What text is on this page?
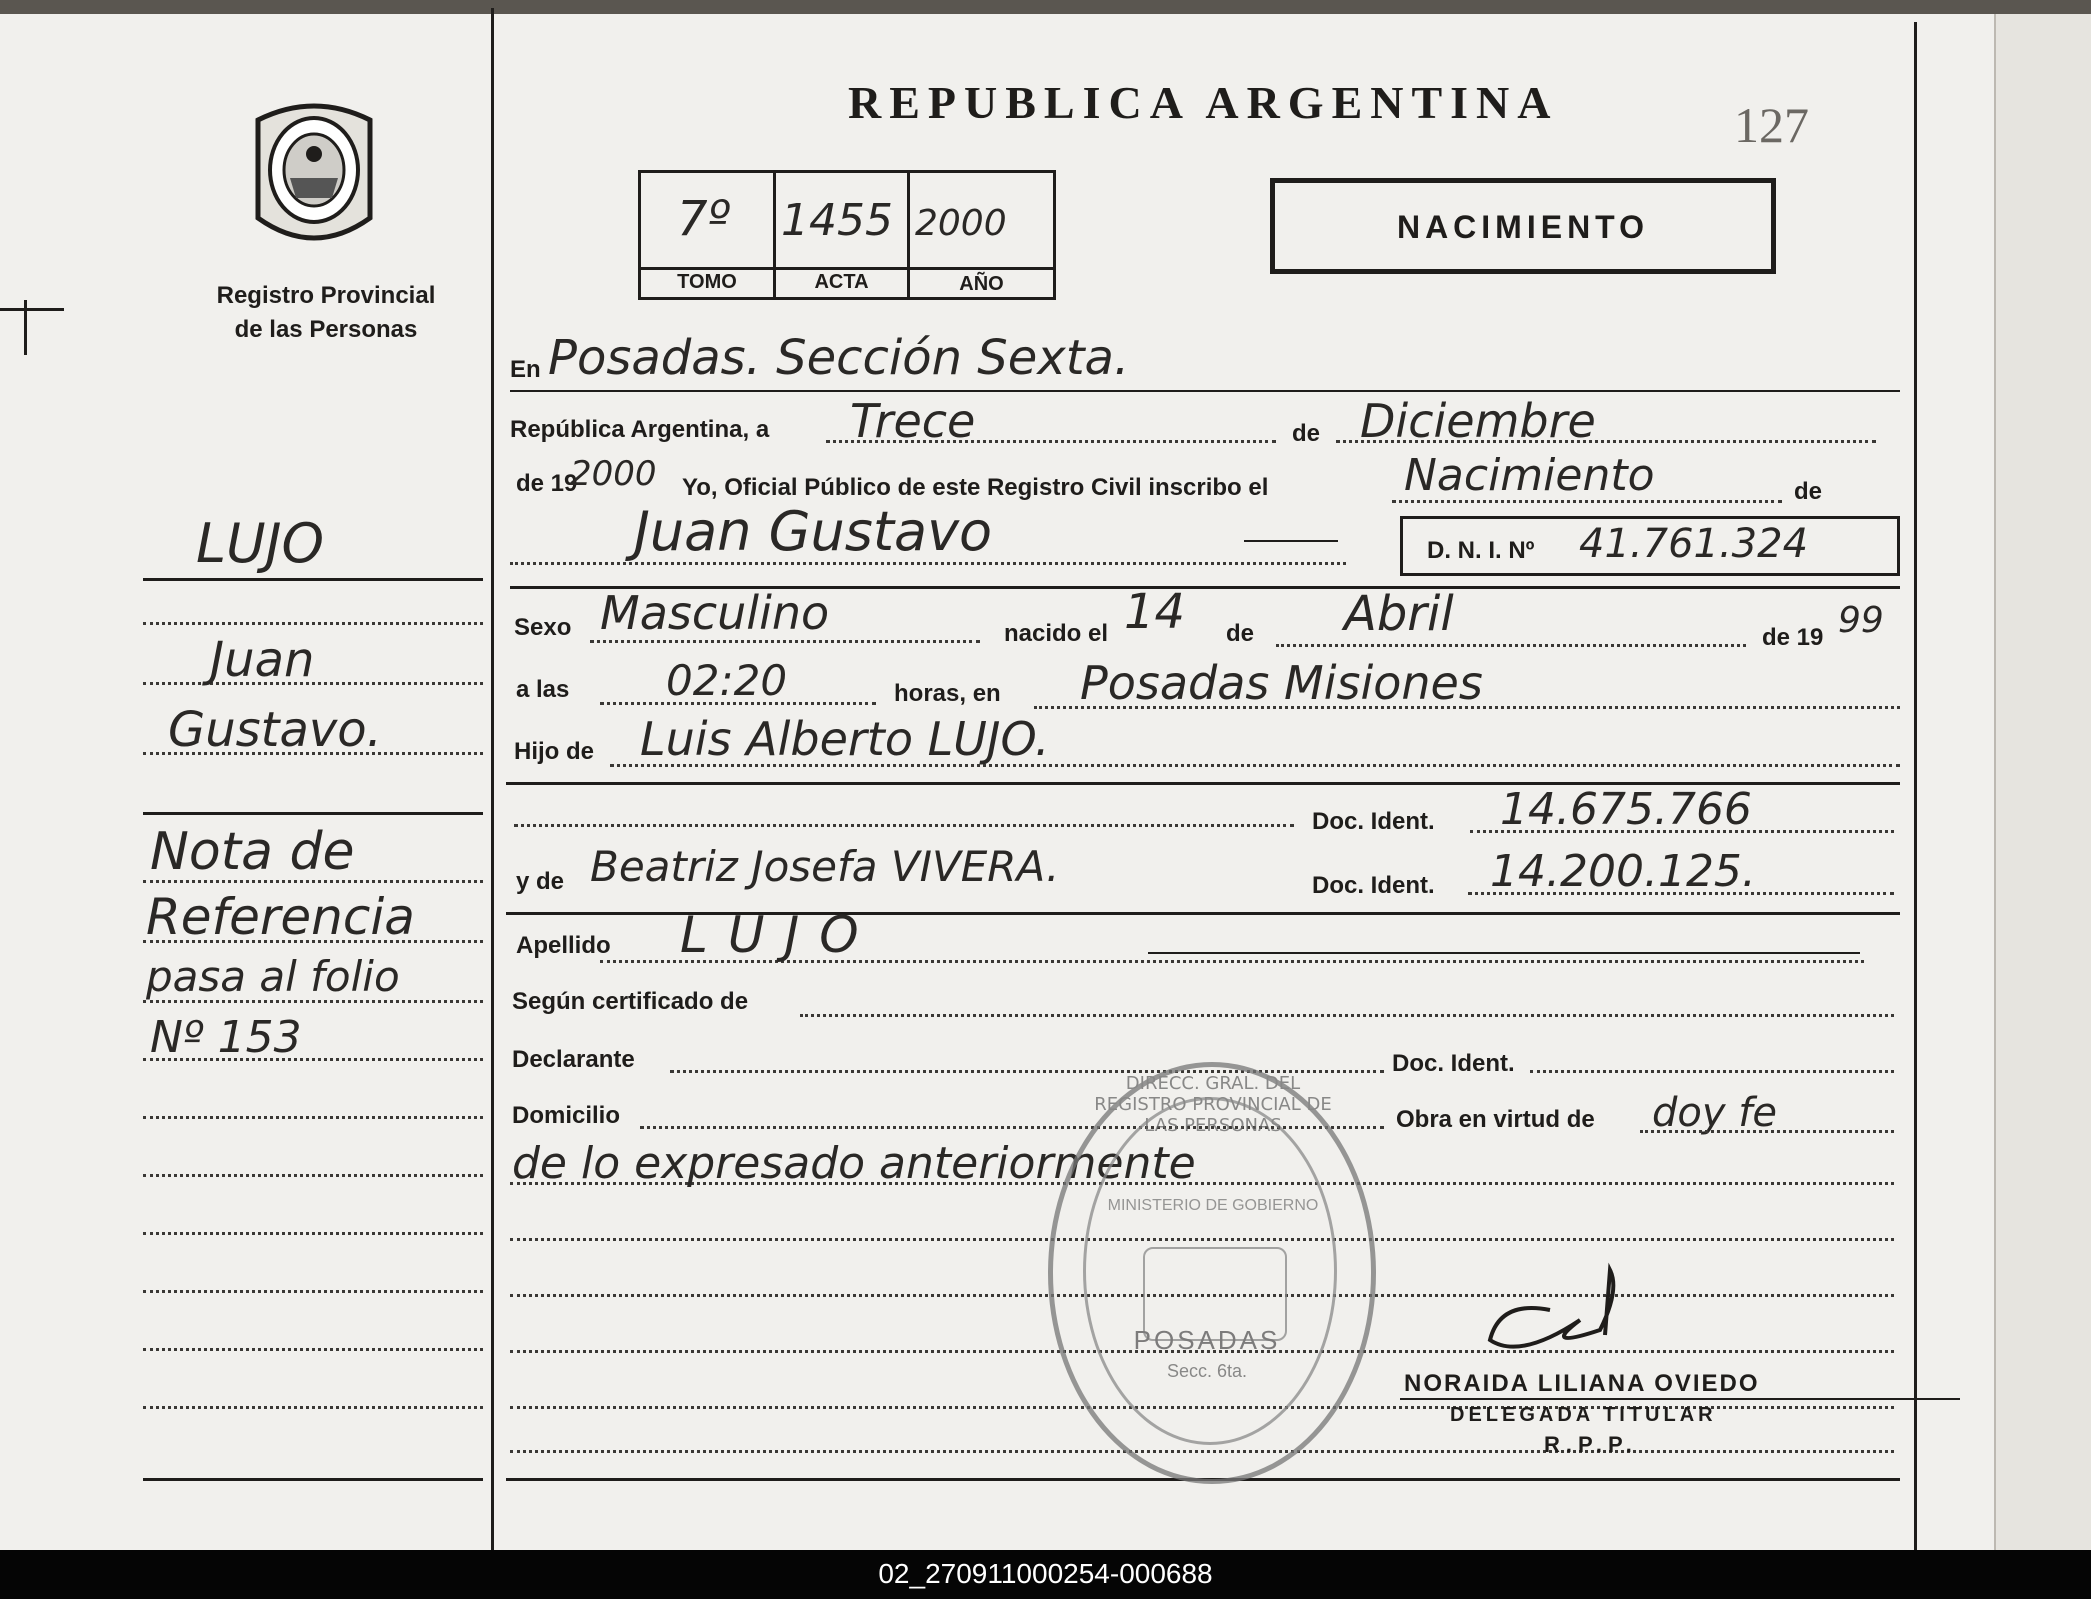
Registro Provincial
de las Personas
LUJO
Juan
Gustavo.
Nota de
Referencia
pasa al folio
Nº 153
REPUBLICA ARGENTINA	127
7º 1455 2000
TOMO	ACTA	AÑO
NACIMIENTO
En Posadas. Sección Sexta.
República Argentina, a Trece	de Diciembre
de 19
2000 Yo, Oficial Público de este Registro Civil inscribo el	Nacimiento	de
Juan Gustavo	D. N. I. Nº 41.761.324
Sexo Masculino	nacido el 14 de Abril	de 19 99
a las 02:20	horas, en Posadas Misiones
Hijo de Luis Alberto LUJO.
Doc. Ident. 14.675.766
y de Beatriz Josefa VIVERA.	Doc. Ident. 14.200.125.
Apellido LUJO
Según certificado de
Declarante	Doc. Ident.
Domicilio	Obra en virtud de doy fe
de lo expresado anteriormente
DIRECC. GRAL. DEL REGISTRO PROVINCIAL DE LAS PERSONAS
MINISTERIO DE GOBIERNO
POSADAS
Secc. 6ta.	NORAIDA LILIANA OVIEDO
DELEGADA TITULAR
R.P.P.
02_270911000254-000688
